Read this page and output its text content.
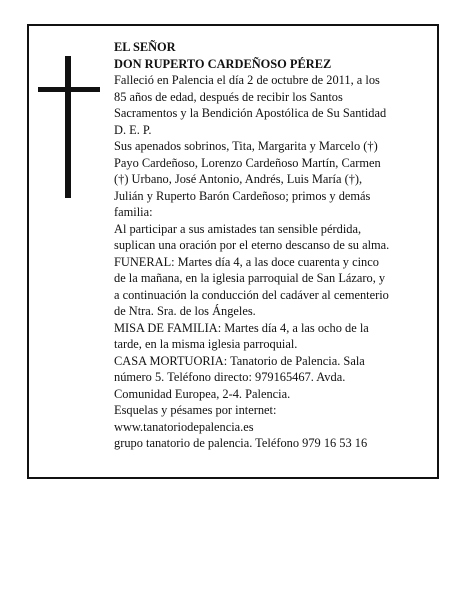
EL SEÑOR
DON RUPERTO CARDEÑOSO PÉREZ
Falleció en Palencia el día 2 de octubre de 2011, a los
85 años de edad, después de recibir los Santos
Sacramentos y la Bendición Apostólica de Su Santidad
D. E. P.
Sus apenados sobrinos, Tita, Margarita y Marcelo (†)
Payo Cardeñoso, Lorenzo Cardeñoso Martín, Carmen
(†) Urbano, José Antonio, Andrés, Luis María (†),
Julián y Ruperto Barón Cardeñoso; primos y demás
familia:
Al participar a sus amistades tan sensible pérdida,
suplican una oración por el eterno descanso de su alma.
FUNERAL: Martes día 4, a las doce cuarenta y cinco
de la mañana, en la iglesia parroquial de San Lázaro, y
a continuación la conducción del cadáver al cementerio
de Ntra. Sra. de los Ángeles.
MISA DE FAMILIA: Martes día 4, a las ocho de la
tarde, en la misma iglesia parroquial.
CASA MORTUORIA: Tanatorio de Palencia. Sala
número 5. Teléfono directo: 979165467. Avda.
Comunidad Europea, 2-4. Palencia.
Esquelas y pésames por internet:
www.tanatoriodepalencia.es
grupo tanatorio de palencia. Teléfono 979 16 53 16
